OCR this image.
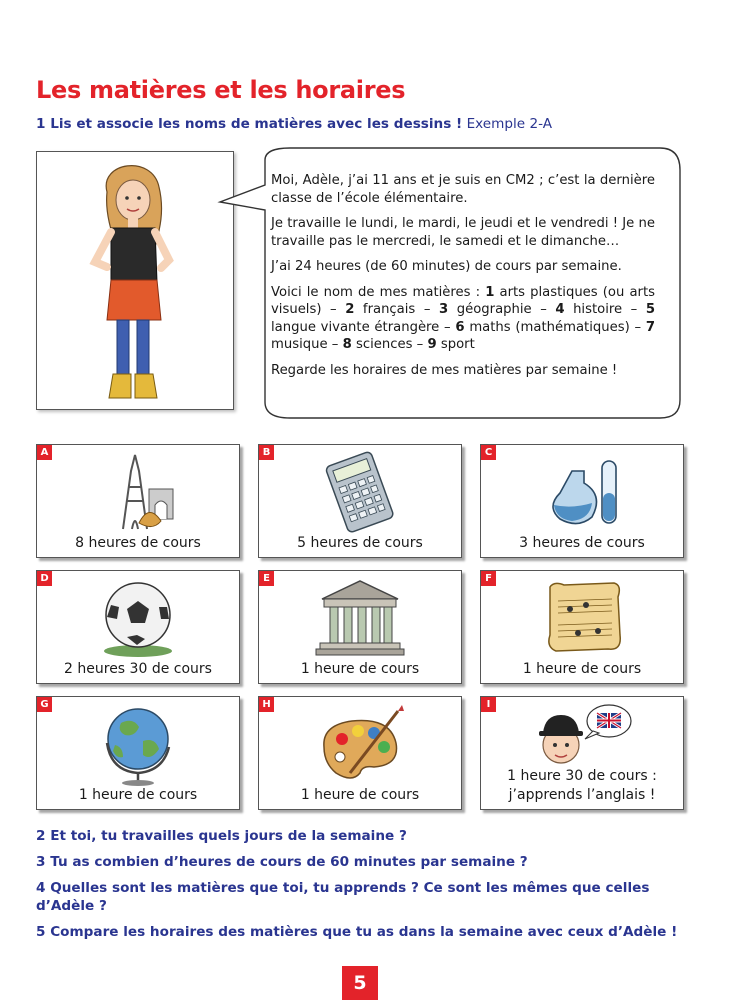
Les matières et les horaires
1 Lis et associe les noms de matières avec les dessins ! Exemple 2-A

Moi, Adèle, j’ai 11 ans et je suis en CM2 ; c’est la dernière classe de l’école élémentaire.

Je travaille le lundi, le mardi, le jeudi et le vendredi ! Je ne travaille pas le mercredi, le samedi et le dimanche…

J’ai 24 heures (de 60 minutes) de cours par semaine.

Voici le nom de mes matières : 1 arts plastiques (ou arts visuels) – 2 français – 3 géographie – 4 histoire – 5 langue vivante étrangère – 6 maths (mathématiques) – 7 musique – 8 sciences – 9 sport

Regarde les horaires de mes matières par semaine !

A
8 heures de cours
B
5 heures de cours
C
3 heures de cours
D
2 heures 30 de cours
E
1 heure de cours
F
1 heure de cours
G
1 heure de cours
H
1 heure de cours
I
1 heure 30 de cours :
j’apprends l’anglais !
2 Et toi, tu travailles quels jours de la semaine ?
3 Tu as combien d’heures de cours de 60 minutes par semaine ?
4 Quelles sont les matières que toi, tu apprends ? Ce sont les mêmes que celles d’Adèle ?
5 Compare les horaires des matières que tu as dans la semaine avec ceux d’Adèle !
5
